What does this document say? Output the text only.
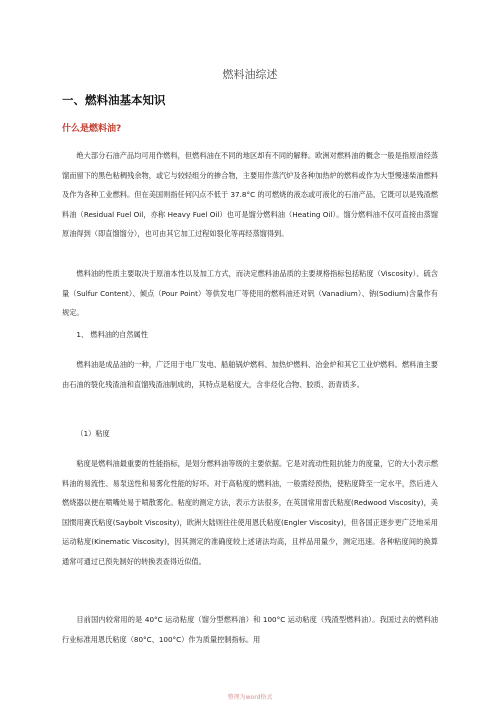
燃料油综述
一、燃料油基本知识
什么是燃料油?

绝大部分石油产品均可用作燃料，但燃料油在不同的地区却有不同的解释。欧洲对燃料油的概念一般是指原油经蒸馏而留下的黑色粘稠残余物，或它与较轻组分的掺合物，主要用作蒸汽炉及各种加热炉的燃料或作为大型慢速柴油燃料及作为各种工业燃料。但在美国则指任何闪点不低于 37.8°C 的可燃烧的液态或可液化的石油产品，它既可以是残渣燃料油（Residual Fuel Oil，亦称 Heavy Fuel Oil）也可是馏分燃料油（Heating Oil）。馏分燃料油不仅可直接由蒸馏原油得到（即直馏馏分），也可由其它加工过程如裂化等再经蒸馏得到。

燃料油的性质主要取决于原油本性以及加工方式，而决定燃料油品质的主要规格指标包括粘度（Viscosity）、硫含量（Sulfur Content）、倾点（Pour Point）等供发电厂等使用的燃料油还对钒（Vanadium）、钠(Sodium)含量作有规定。

1、 燃料油的自然属性

燃料油是成品油的一种，广泛用于电厂发电、船舶锅炉燃料、加热炉燃料、冶金炉和其它工业炉燃料。燃料油主要由石油的裂化残渣油和直馏残渣油制成的，其特点是粘度大，含非烃化合物、胶质、沥青质多。

（1）粘度

粘度是燃料油最重要的性能指标，是划分燃料油等级的主要依据。它是对流动性阻抗能力的度量，它的大小表示燃料油的易流性、易泵送性和易雾化性能的好坏。对于高粘度的燃料油，一般需经预热，使粘度降至一定水平，然后进入燃烧器以便在喷嘴处易于喷散雾化。粘度的测定方法，表示方法很多，在英国常用雷氏粘度(Redwood Viscosity)，美国惯用赛氏粘度(Saybolt Viscosity)，欧洲大陆则往往使用恩氏粘度(Engler Viscosity)，但各国正逐步更广泛地采用运动粘度(Kinematic Viscosity)，因其测定的准确度较上述诸法均高，且样品用量少，测定迅速。各种粘度间的换算通常可通过已预先制好的转换表查得近似值。

目前国内较常用的是 40°C 运动粘度（馏分型燃料油）和 100°C 运动粘度（残渣型燃料油）。我国过去的燃料油行业标准用恩氏粘度（80°C、100°C）作为质量控制指标。用

整理为word格式
